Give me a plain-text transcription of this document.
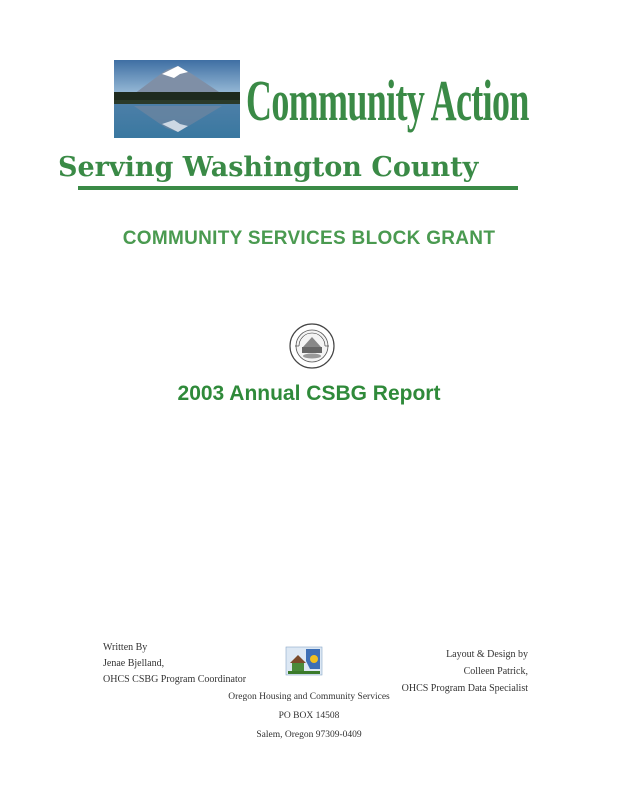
Community Action
Serving Washington County
COMMUNITY SERVICES BLOCK GRANT
2003 Annual CSBG Report
Written By
Jenae Bjelland,
OHCS CSBG Program Coordinator
Layout & Design by
Colleen Patrick,
OHCS Program Data Specialist
Oregon Housing and Community Services
PO BOX 14508
Salem, Oregon 97309-0409
